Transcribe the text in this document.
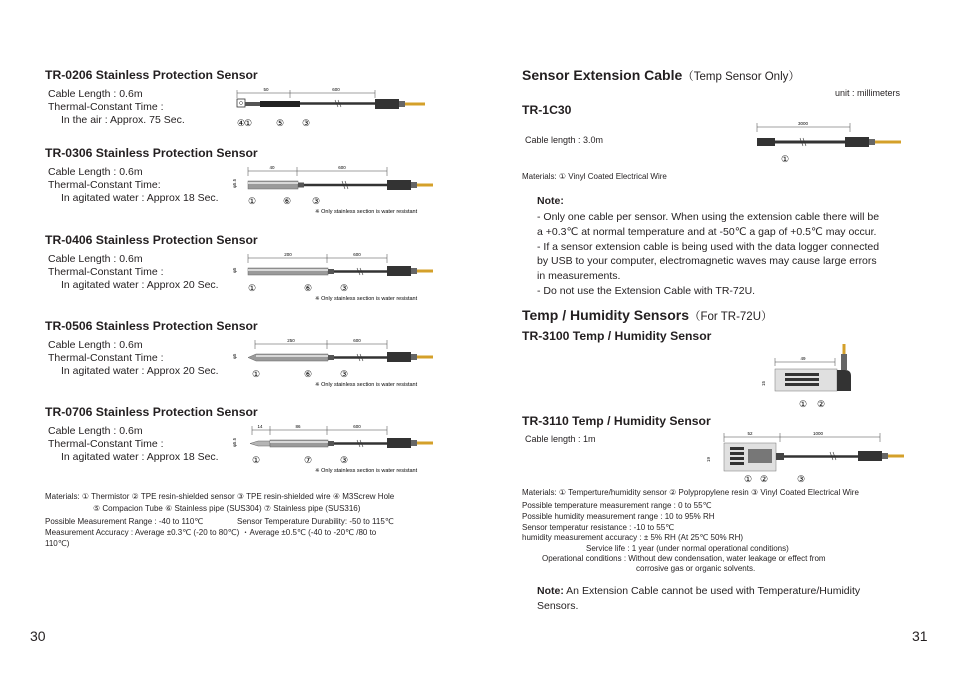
TR-0206 Stainless Protection Sensor
Cable Length : 0.6m
Thermal-Constant Time :
In the air : Approx. 75 Sec.
50	600
④
①	⑤ ③
TR-0306 Stainless Protection Sensor
Cable Length : 0.6m
Thermal-Constant Time:
In agitated water : Approx 18 Sec.
40	600
φ5.5
①	⑥ ③
※ Only stainless section is water resistant
TR-0406 Stainless Protection Sensor
Cable Length : 0.6m
Thermal-Constant Time :
In agitated water : Approx 20 Sec.
200	600
φ5
①	⑥	③
※ Only stainless section is water resistant
TR-0506 Stainless Protection Sensor
Cable Length : 0.6m
Thermal-Constant Time :
In agitated water : Approx 20 Sec.
250	600
φ5
①	⑥	③
※ Only stainless section is water resistant
TR-0706 Stainless Protection Sensor
Cable Length : 0.6m
Thermal-Constant Time :
In agitated water : Approx 18 Sec.
14	86	600
φ5.5
①	⑦	③
※ Only stainless section is water resistant
Materials: ① Thermistor ② TPE resin-shielded sensor ③ TPE resin-shielded wire ④ M3Screw Hole
⑤ Compacion Tube ⑥ Stainless pipe (SUS304) ⑦ Stainless pipe (SUS316)
Possible Measurement Range : -40 to 110℃	Sensor Temperature Durability: -50 to 115℃
Measurement Accuracy : Average ±0.3℃ (-20 to 80℃) ・Average ±0.5℃ (-40 to -20℃ /80 to
110℃)
30
Sensor Extension Cable（Temp Sensor Only）
unit : millimeters
TR-1C30
Cable length : 3.0m
3000
①
Materials: ① Vinyl Coated Electrical Wire
Note:
- Only one cable per sensor. When using the extension cable there will be
a +0.3℃ at normal temperature and at -50℃ a gap of +0.5℃ may occur.
- If a sensor extension cable is being used with the data logger connected
by USB to your computer, electromagnetic waves may cause large errors
in measurements.
- Do not use the Extension Cable with TR-72U.
Temp / Humidity Sensors（For TR-72U）
TR-3100 Temp / Humidity Sensor
49
15
① ②
TR-3110 Temp / Humidity Sensor
Cable length : 1m
52	1000
19
① ②	③
Materials: ① Temperture/humidity sensor ② Polypropylene resin ③ Vinyl Coated Electrical Wire
Possible temperature measurement range : 0 to 55℃
Possible humidity measurement range : 10 to 95% RH
Sensor temperatur resistance : -10 to 55℃
humidity measurement accuracy : ± 5% RH (At 25℃ 50% RH)
Service life : 1 year (under normal operational conditions)
Operational conditions : Without dew condensation, water leakage or effect from
corrosive gas or organic solvents.
Note: An Extension Cable cannot be used with Temperature/Humidity
Sensors.
31
